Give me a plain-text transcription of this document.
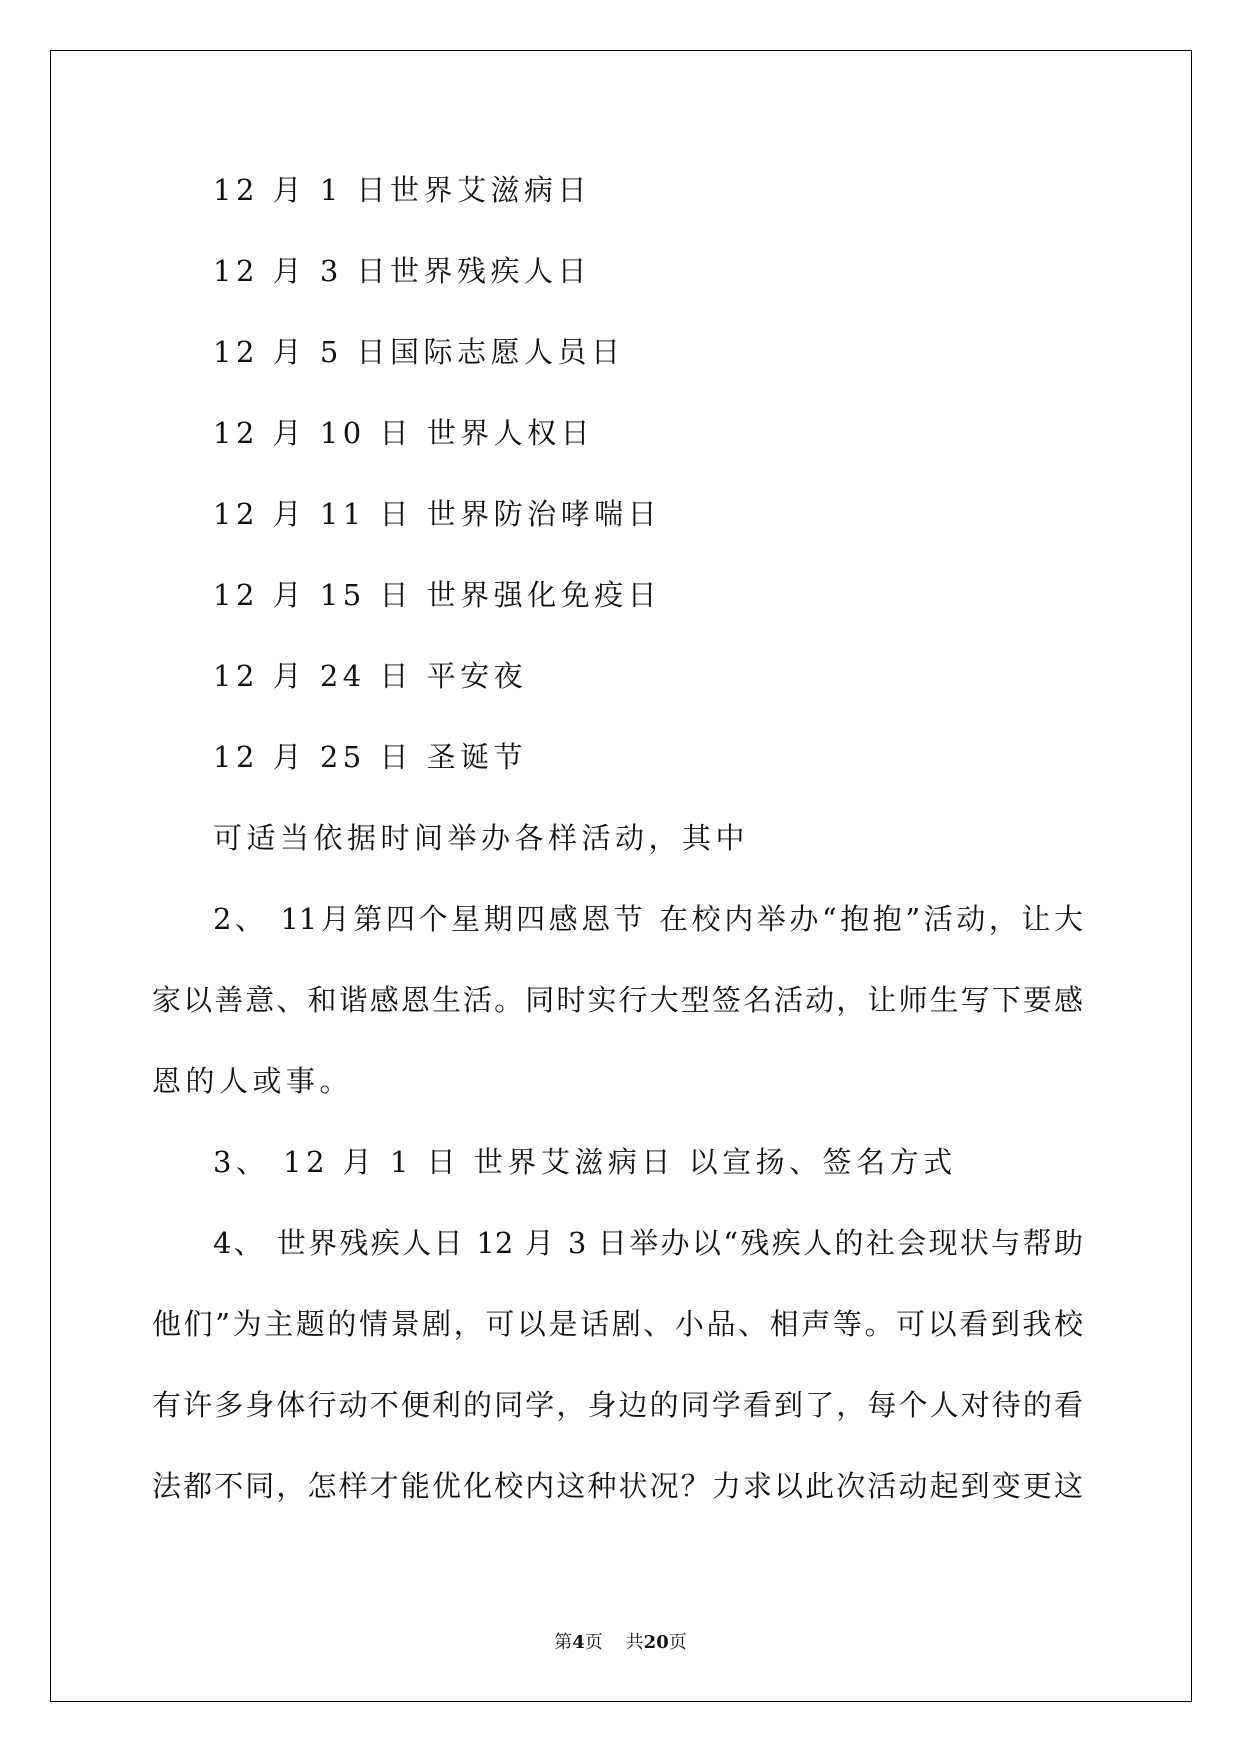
12 月 1 日世界艾滋病日
12 月 3 日世界残疾人日
12 月 5 日国际志愿人员日
12 月 10 日 世界人权日
12 月 11 日 世界防治哮喘日
12 月 15 日 世界强化免疫日
12 月 24 日 平安夜
12 月 25 日 圣诞节
可适当依据时间举办各样活动，其中
2、 11月第四个星期四感恩节 在校内举办“抱抱”活动，让大
家以善意、和谐感恩生活。同时实行大型签名活动，让师生写下要感
恩的人或事。
3、 12 月 1 日 世界艾滋病日 以宣扬、签名方式
4、 世界残疾人日 12 月 3 日举办以“残疾人的社会现状与帮助
他们”为主题的情景剧，可以是话剧、小品、相声等。可以看到我校
有许多身体行动不便利的同学，身边的同学看到了，每个人对待的看
法都不同，怎样才能优化校内这种状况？力求以此次活动起到变更这
第4页    共20页
